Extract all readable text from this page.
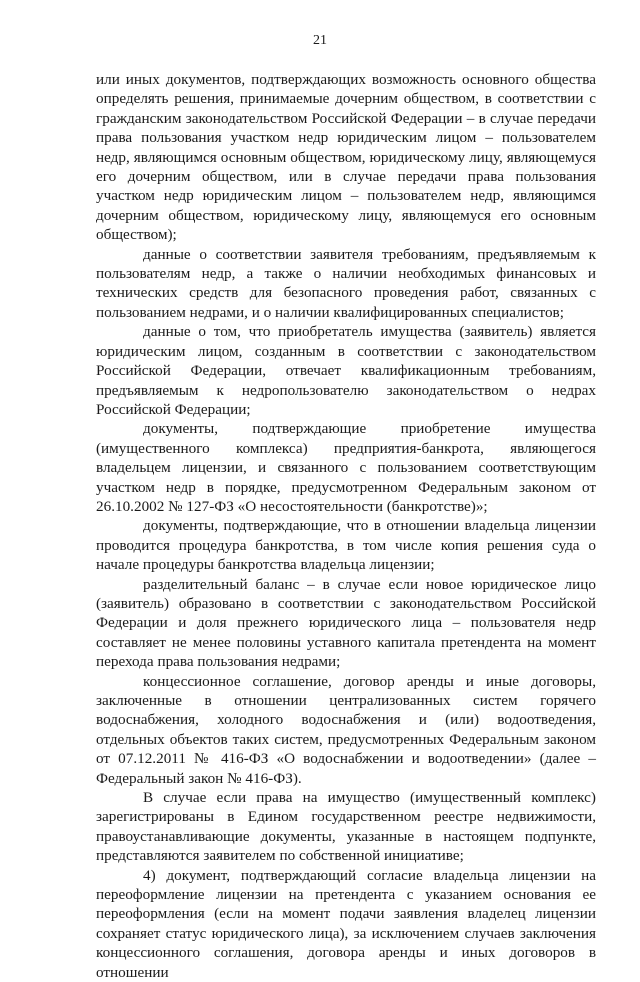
21

или иных документов, подтверждающих возможность основного общества определять решения, принимаемые дочерним обществом, в соответствии с гражданским законодательством Российской Федерации – в случае передачи права пользования участком недр юридическим лицом – пользователем недр, являющимся основным обществом, юридическому лицу, являющемуся его дочерним обществом, или в случае передачи права пользования участком недр юридическим лицом – пользователем недр, являющимся дочерним обществом, юридическому лицу, являющемуся его основным обществом);

данные о соответствии заявителя требованиям, предъявляемым к пользователям недр, а также о наличии необходимых финансовых и технических средств для безопасного проведения работ, связанных с пользованием недрами, и о наличии квалифицированных специалистов;

данные о том, что приобретатель имущества (заявитель) является юридическим лицом, созданным в соответствии с законодательством Российской Федерации, отвечает квалификационным требованиям, предъявляемым к недропользователю законодательством о недрах Российской Федерации;

документы, подтверждающие приобретение имущества (имущественного комплекса) предприятия-банкрота, являющегося владельцем лицензии, и связанного с пользованием соответствующим участком недр в порядке, предусмотренном Федеральным законом от 26.10.2002 № 127-ФЗ «О несостоятельности (банкротстве)»;

документы, подтверждающие, что в отношении владельца лицензии проводится процедура банкротства, в том числе копия решения суда о начале процедуры банкротства владельца лицензии;

разделительный баланс – в случае если новое юридическое лицо (заявитель) образовано в соответствии с законодательством Российской Федерации и доля прежнего юридического лица – пользователя недр составляет не менее половины уставного капитала претендента на момент перехода права пользования недрами;

концессионное соглашение, договор аренды и иные договоры, заключенные в отношении централизованных систем горячего водоснабжения, холодного водоснабжения и (или) водоотведения, отдельных объектов таких систем, предусмотренных Федеральным законом от 07.12.2011 № 416-ФЗ «О водоснабжении и водоотведении» (далее – Федеральный закон № 416-ФЗ).

В случае если права на имущество (имущественный комплекс) зарегистрированы в Едином государственном реестре недвижимости, правоустанавливающие документы, указанные в настоящем подпункте, представляются заявителем по собственной инициативе;

4) документ, подтверждающий согласие владельца лицензии на переоформление лицензии на претендента с указанием основания ее переоформления (если на момент подачи заявления владелец лицензии сохраняет статус юридического лица), за исключением случаев заключения концессионного соглашения, договора аренды и иных договоров в отношении
